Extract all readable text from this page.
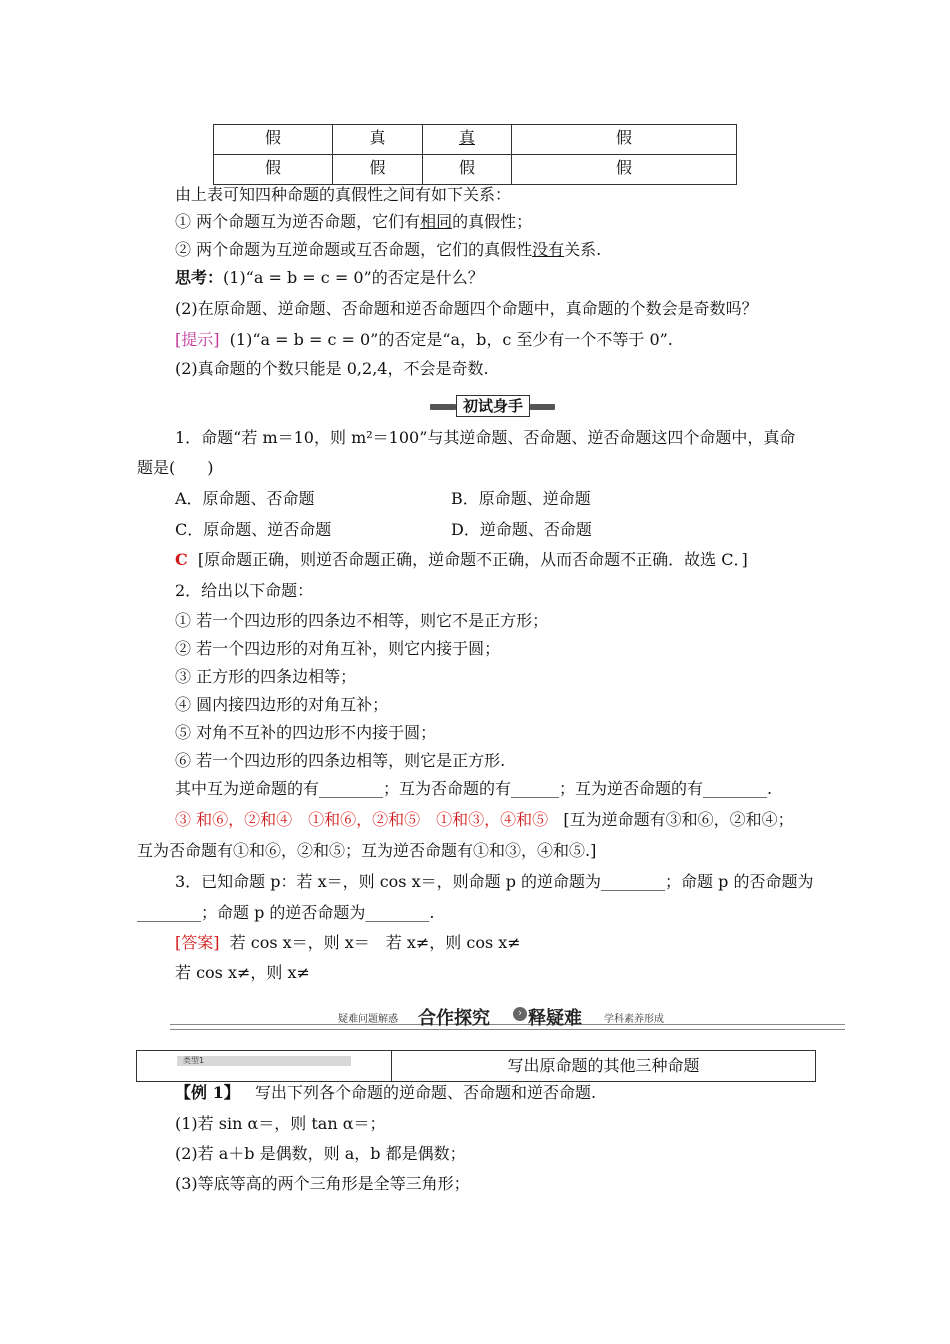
假	真	真	假
假	假	假	假
由上表可知四种命题的真假性之间有如下关系：
① 两个命题互为逆否命题，它们有相同的真假性；
② 两个命题为互逆命题或互否命题，它们的真假性没有关系.
思考：(1)“a = b = c = 0”的否定是什么？
(2)在原命题、逆命题、否命题和逆否命题四个命题中，真命题的个数会是奇数吗？
[提示] (1)“a = b = c = 0”的否定是“a，b，c 至少有一个不等于 0”.
(2)真命题的个数只能是 0,2,4，不会是奇数.
初试身手
1．命题“若 m＝10，则 m²＝100”与其逆命题、否命题、逆否命题这四个命题中，真命
题是(　　)
A．原命题、否命题	B．原命题、逆命题
C．原命题、逆否命题	D．逆命题、否命题
C [原命题正确，则逆否命题正确，逆命题不正确，从而否命题不正确．故选 C．]
2．给出以下命题：
① 若一个四边形的四条边不相等，则它不是正方形；
② 若一个四边形的对角互补，则它内接于圆；
③ 正方形的四条边相等；
④ 圆内接四边形的对角互补；
⑤ 对角不互补的四边形不内接于圆；
⑥ 若一个四边形的四条边相等，则它是正方形.
其中互为逆命题的有________；互为否命题的有______；互为逆否命题的有________.
③ 和⑥，②和④　①和⑥，②和⑤　①和③，④和⑤ [互为逆命题有③和⑥，②和④；
互为否命题有①和⑥，②和⑤；互为逆否命题有①和③，④和⑤.]
3．已知命题 p：若 x＝，则 cos x＝，则命题 p 的逆命题为________；命题 p 的否命题为
________；命题 p 的逆否命题为________.
[答案] 若 cos x＝，则 x＝　若 x≠，则 cos x≠
若 cos x≠，则 x≠
疑难问题解惑 合作探究	› 释疑难 学科素养形成
类型1	写出原命题的其他三种命题
【例 1】 写出下列各个命题的逆命题、否命题和逆否命题.
(1)若 sin α＝，则 tan α＝；
(2)若 a＋b 是偶数，则 a，b 都是偶数；
(3)等底等高的两个三角形是全等三角形；
